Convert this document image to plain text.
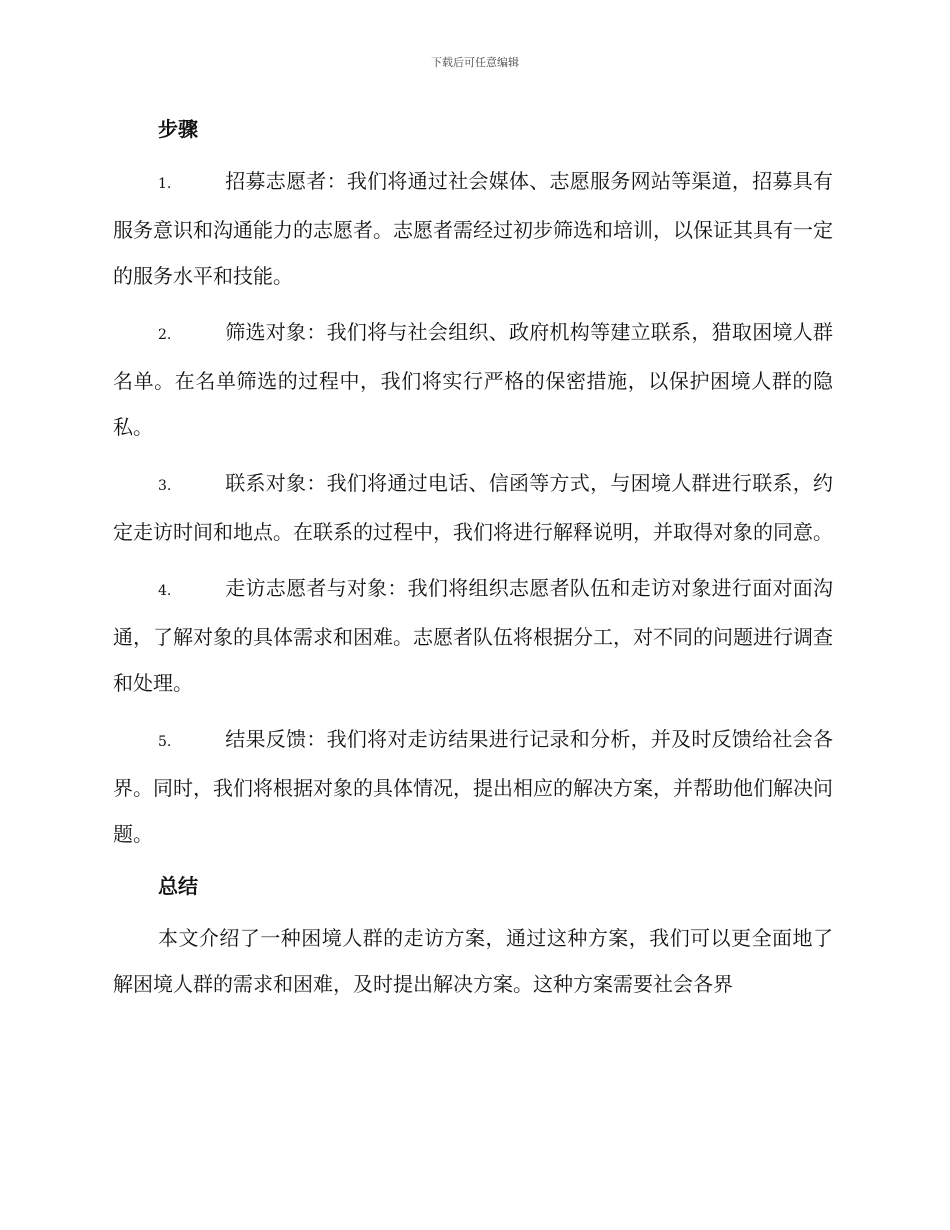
下载后可任意编辑
步骤
1.	招募志愿者：我们将通过社会媒体、志愿服务网站等渠道，招募具有服务意识和沟通能力的志愿者。志愿者需经过初步筛选和培训，以保证其具有一定的服务水平和技能。
2.	筛选对象：我们将与社会组织、政府机构等建立联系，猎取困境人群名单。在名单筛选的过程中，我们将实行严格的保密措施，以保护困境人群的隐私。
3.	联系对象：我们将通过电话、信函等方式，与困境人群进行联系，约定走访时间和地点。在联系的过程中，我们将进行解释说明，并取得对象的同意。
4.	走访志愿者与对象：我们将组织志愿者队伍和走访对象进行面对面沟通，了解对象的具体需求和困难。志愿者队伍将根据分工，对不同的问题进行调查和处理。
5.	结果反馈：我们将对走访结果进行记录和分析，并及时反馈给社会各界。同时，我们将根据对象的具体情况，提出相应的解决方案，并帮助他们解决问题。
总结

本文介绍了一种困境人群的走访方案，通过这种方案，我们可以更全面地了解困境人群的需求和困难，及时提出解决方案。这种方案需要社会各界
